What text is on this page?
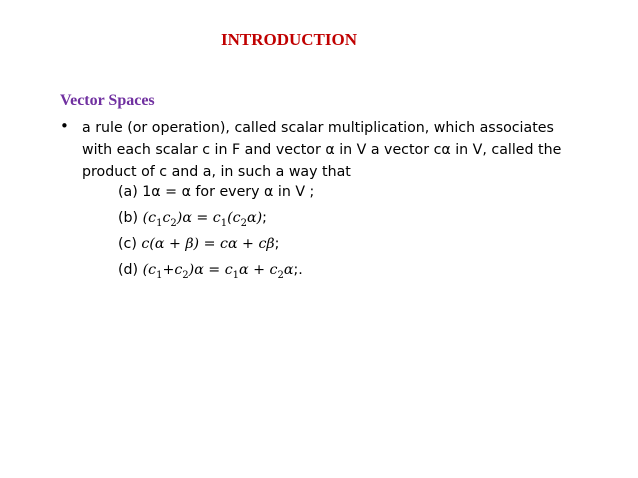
INTRODUCTION
Vector Spaces
• a rule (or operation), called scalar multiplication, which associates
with each scalar c in F and vector α in V a vector cα in V, called the
product of c and a, in such a way that
(a) 1α = α for every α in V ;
(b) $(c_1c_2)\alpha = c_1(c_2\alpha)$;
(c) c(α + β) = cα + cβ;
(d) $(c_1+c_2)\alpha = c_1\alpha + c_2\alpha$;.
